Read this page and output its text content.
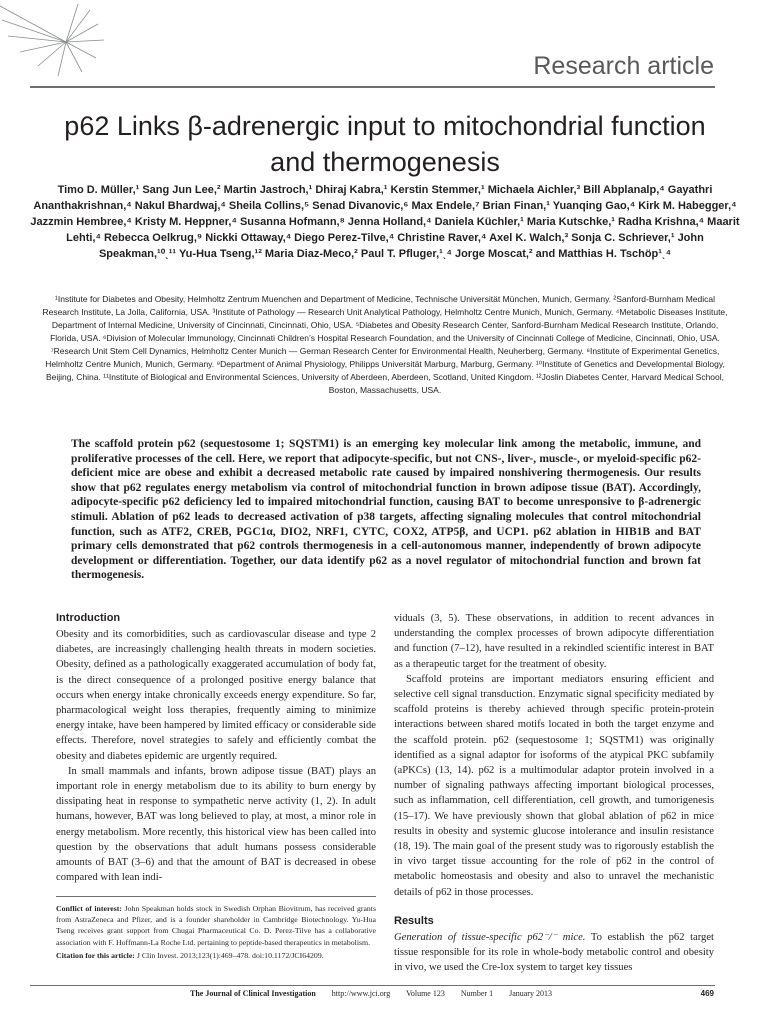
Research article
p62 Links β-adrenergic input to mitochondrial function and thermogenesis
Timo D. Müller,¹ Sang Jun Lee,² Martin Jastroch,¹ Dhiraj Kabra,¹ Kerstin Stemmer,¹ Michaela Aichler,³ Bill Abplanalp,⁴ Gayathri Ananthakrishnan,⁴ Nakul Bhardwaj,⁴ Sheila Collins,⁵ Senad Divanovic,⁶ Max Endele,⁷ Brian Finan,¹ Yuanqing Gao,⁴ Kirk M. Habegger,⁴ Jazzmin Hembree,⁴ Kristy M. Heppner,⁴ Susanna Hofmann,⁸ Jenna Holland,⁴ Daniela Küchler,¹ Maria Kutschke,¹ Radha Krishna,⁴ Maarit Lehti,⁴ Rebecca Oelkrug,⁹ Nickki Ottaway,⁴ Diego Perez-Tilve,⁴ Christine Raver,⁴ Axel K. Walch,³ Sonja C. Schriever,¹ John Speakman,¹⁰ˎ¹¹ Yu-Hua Tseng,¹² Maria Diaz-Meco,² Paul T. Pfluger,¹ˎ⁴ Jorge Moscat,² and Matthias H. Tschöp¹ˎ⁴
¹Institute for Diabetes and Obesity, Helmholtz Zentrum Muenchen and Department of Medicine, Technische Universität München, Munich, Germany. ²Sanford-Burnham Medical Research Institute, La Jolla, California, USA. ³Institute of Pathology — Research Unit Analytical Pathology, Helmholtz Centre Munich, Munich, Germany. ⁴Metabolic Diseases Institute, Department of Internal Medicine, University of Cincinnati, Cincinnati, Ohio, USA. ⁵Diabetes and Obesity Research Center, Sanford-Burnham Medical Research Institute, Orlando, Florida, USA. ⁶Division of Molecular Immunology, Cincinnati Children’s Hospital Research Foundation, and the University of Cincinnati College of Medicine, Cincinnati, Ohio, USA. ⁷Research Unit Stem Cell Dynamics, Helmholtz Center Munich — German Research Center for Environmental Health, Neuherberg, Germany. ⁸Institute of Experimental Genetics, Helmholtz Centre Munich, Munich, Germany. ⁹Department of Animal Physiology, Philipps Universität Marburg, Marburg, Germany. ¹⁰Institute of Genetics and Developmental Biology, Beijing, China. ¹¹Institute of Biological and Environmental Sciences, University of Aberdeen, Aberdeen, Scotland, United Kingdom. ¹²Joslin Diabetes Center, Harvard Medical School, Boston, Massachusetts, USA.
The scaffold protein p62 (sequestosome 1; SQSTM1) is an emerging key molecular link among the metabolic, immune, and proliferative processes of the cell. Here, we report that adipocyte-specific, but not CNS-, liver-, muscle-, or myeloid-specific p62-deficient mice are obese and exhibit a decreased metabolic rate caused by impaired nonshivering thermogenesis. Our results show that p62 regulates energy metabolism via control of mitochondrial function in brown adipose tissue (BAT). Accordingly, adipocyte-specific p62 deficiency led to impaired mitochondrial function, causing BAT to become unresponsive to β-adrenergic stimuli. Ablation of p62 leads to decreased activation of p38 targets, affecting signaling molecules that control mitochondrial function, such as ATF2, CREB, PGC1α, DIO2, NRF1, CYTC, COX2, ATP5β, and UCP1. p62 ablation in HIB1B and BAT primary cells demonstrated that p62 controls thermogenesis in a cell-autonomous manner, independently of brown adipocyte development or differentiation. Together, our data identify p62 as a novel regulator of mitochondrial function and brown fat thermogenesis.

Introduction

Obesity and its comorbidities, such as cardiovascular disease and type 2 diabetes, are increasingly challenging health threats in modern societies. Obesity, defined as a pathologically exaggerated accumulation of body fat, is the direct consequence of a prolonged positive energy balance that occurs when energy intake chronically exceeds energy expenditure. So far, pharmacological weight loss therapies, frequently aiming to minimize energy intake, have been hampered by limited efficacy or considerable side effects. Therefore, novel strategies to safely and efficiently combat the obesity and diabetes epidemic are urgently required.

In small mammals and infants, brown adipose tissue (BAT) plays an important role in energy metabolism due to its ability to burn energy by dissipating heat in response to sympathetic nerve activity (1, 2). In adult humans, however, BAT was long believed to play, at most, a minor role in energy metabolism. More recently, this historical view has been called into question by the observations that adult humans possess considerable amounts of BAT (3–6) and that the amount of BAT is decreased in obese compared with lean indi-

Conflict of interest: John Speakman holds stock in Swedish Orphan Biovitrum, has received grants from AstraZeneca and Pfizer, and is a founder shareholder in Cambridge Biotechnology. Yu-Hua Tseng receives grant support from Chugai Pharmaceutical Co. D. Perez-Tilve has a collaborative association with F. Hoffmann-La Roche Ltd. pertaining to peptide-based therapeutics in metabolism.

Citation for this article: J Clin Invest. 2013;123(1):469–478. doi:10.1172/JCI64209.

viduals (3, 5). These observations, in addition to recent advances in understanding the complex processes of brown adipocyte differentiation and function (7–12), have resulted in a rekindled scientific interest in BAT as a therapeutic target for the treatment of obesity.

Scaffold proteins are important mediators ensuring efficient and selective cell signal transduction. Enzymatic signal specificity mediated by scaffold proteins is thereby achieved through specific protein-protein interactions between shared motifs located in both the target enzyme and the scaffold protein. p62 (sequestosome 1; SQSTM1) was originally identified as a signal adaptor for isoforms of the atypical PKC subfamily (aPKCs) (13, 14). p62 is a multimodular adaptor protein involved in a number of signaling pathways affecting important biological processes, such as inflammation, cell differentiation, cell growth, and tumorigenesis (15–17). We have previously shown that global ablation of p62 in mice results in obesity and systemic glucose intolerance and insulin resistance (18, 19). The main goal of the present study was to rigorously establish the in vivo target tissue accounting for the role of p62 in the control of metabolic homeostasis and obesity and also to unravel the mechanistic details of p62 in those processes.

Results

Generation of tissue-specific p62⁻/⁻ mice. To establish the p62 target tissue responsible for its role in whole-body metabolic control and obesity in vivo, we used the Cre-lox system to target key tissues

The Journal of Clinical Investigation http://www.jci.org Volume 123 Number 1 January 2013	469
